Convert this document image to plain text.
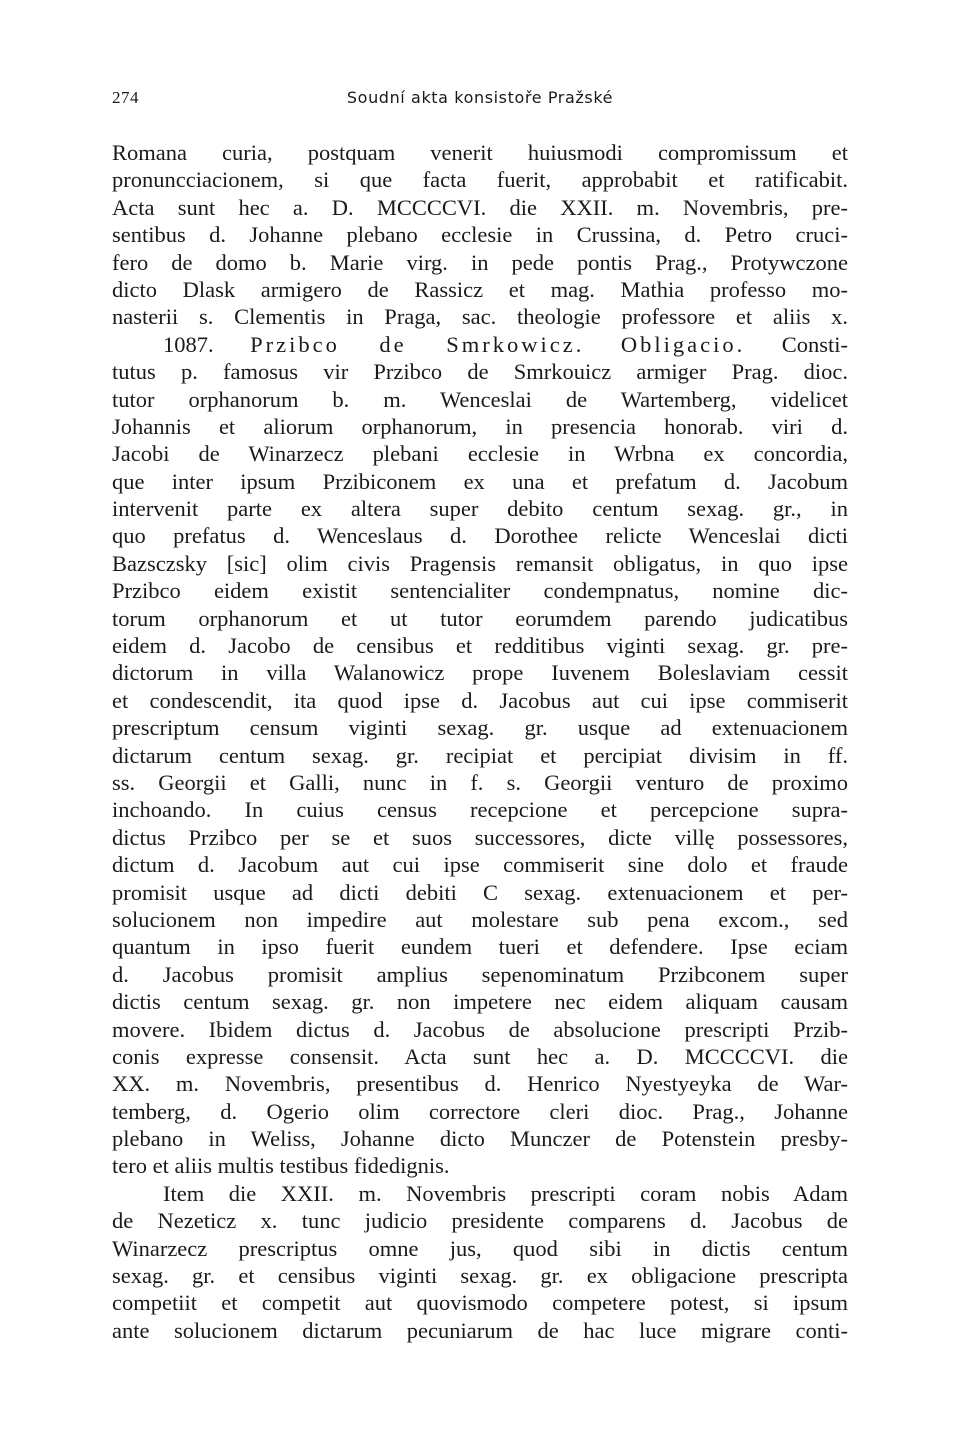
274	Soudní akta konsistoře Pražské
Romana curia, postquam venerit huiusmodi compromissum et
pronuncciacionem, si que facta fuerit, approbabit et ratificabit.
Acta sunt hec a. D. MCCCCVI. die XXII. m. Novembris, pre-
sentibus d. Johanne plebano ecclesie in Crussina, d. Petro cruci-
fero de domo b. Marie virg. in pede pontis Prag., Protywczone
dicto Dlask armigero de Rassicz et mag. Mathia professo mo-
nasterii s. Clementis in Praga, sac. theologie professore et aliis x.
1087. Przibco de Smrkowicz. Obligacio. Consti-
tutus p. famosus vir Przibco de Smrkouicz armiger Prag. dioc.
tutor orphanorum b. m. Wenceslai de Wartemberg, videlicet
Johannis et aliorum orphanorum, in presencia honorab. viri d.
Jacobi de Winarzecz plebani ecclesie in Wrbna ex concordia,
que inter ipsum Przibiconem ex una et prefatum d. Jacobum
intervenit parte ex altera super debito centum sexag. gr., in
quo prefatus d. Wenceslaus d. Dorothee relicte Wenceslai dicti
Bazsczsky [sic] olim civis Pragensis remansit obligatus, in quo ipse
Przibco eidem existit sentencialiter condempnatus, nomine dic-
torum orphanorum et ut tutor eorumdem parendo judicatibus
eidem d. Jacobo de censibus et redditibus viginti sexag. gr. pre-
dictorum in villa Walanowicz prope Iuvenem Boleslaviam cessit
et condescendit, ita quod ipse d. Jacobus aut cui ipse commiserit
prescriptum censum viginti sexag. gr. usque ad extenuacionem
dictarum centum sexag. gr. recipiat et percipiat divisim in ff.
ss. Georgii et Galli, nunc in f. s. Georgii venturo de proximo
inchoando. In cuius census recepcione et percepcione supra-
dictus Przibco per se et suos successores, dicte villę possessores,
dictum d. Jacobum aut cui ipse commiserit sine dolo et fraude
promisit usque ad dicti debiti C sexag. extenuacionem et per-
solucionem non impedire aut molestare sub pena excom., sed
quantum in ipso fuerit eundem tueri et defendere. Ipse eciam
d. Jacobus promisit amplius sepenominatum Przibconem super
dictis centum sexag. gr. non impetere nec eidem aliquam causam
movere. Ibidem dictus d. Jacobus de absolucione prescripti Przib-
conis expresse consensit. Acta sunt hec a. D. MCCCCVI. die
XX. m. Novembris, presentibus d. Henrico Nyestyeyka de War-
temberg, d. Ogerio olim correctore cleri dioc. Prag., Johanne
plebano in Weliss, Johanne dicto Munczer de Potenstein presby-
tero et aliis multis testibus fidedignis.
Item die XXII. m. Novembris prescripti coram nobis Adam
de Nezeticz x. tunc judicio presidente comparens d. Jacobus de
Winarzecz prescriptus omne jus, quod sibi in dictis centum
sexag. gr. et censibus viginti sexag. gr. ex obligacione prescripta
competiit et competit aut quovismodo competere potest, si ipsum
ante solucionem dictarum pecuniarum de hac luce migrare conti-
